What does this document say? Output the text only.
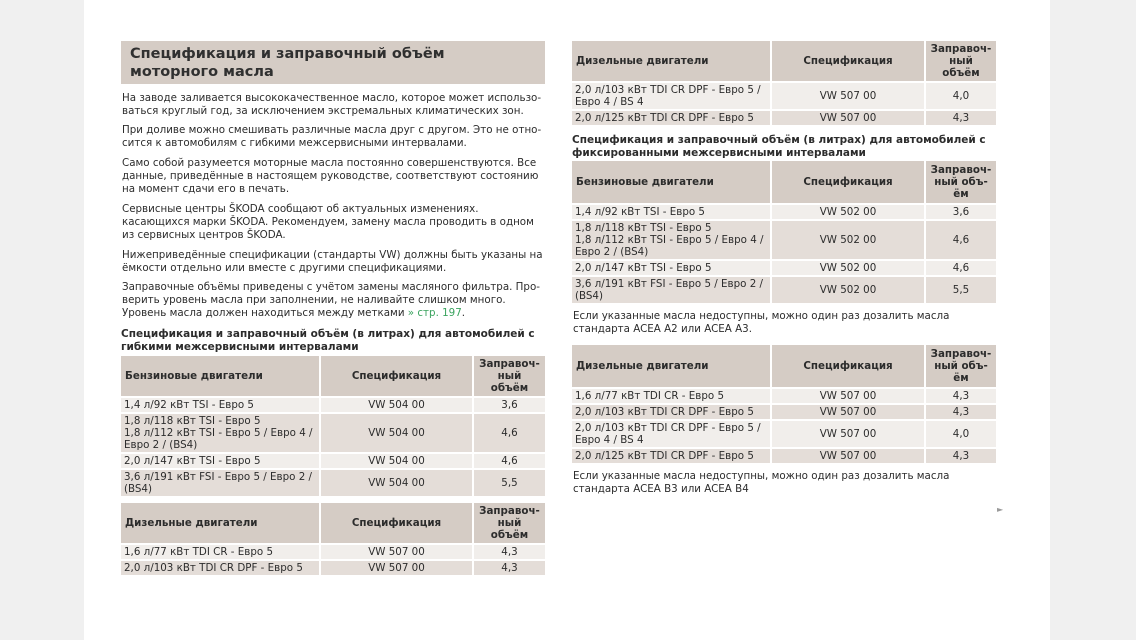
Спецификация и заправочный объём моторного масла

На заводе заливается высококачественное масло, которое может использо-ваться круглый год, за исключением экстремальных климатических зон.

При доливе можно смешивать различные масла друг с другом. Это не отно-сится к автомобилям с гибкими межсервисными интервалами.

Само собой разумеется моторные масла постоянно совершенствуются. Все данные, приведённые в настоящем руководстве, соответствуют состоянию на момент сдачи его в печать.

Сервисные центры ŠKODA сообщают об актуальных изменениях. касающихся марки ŠKODA. Рекомендуем, замену масла проводить в одном из сервисных центров ŠKODA.

Нижеприведённые спецификации (стандарты VW) должны быть указаны на ёмкости отдельно или вместе с другими спецификациями.

Заправочные объёмы приведены с учётом замены масляного фильтра. Про-верить уровень масла при заполнении, не наливайте слишком много. Уровень масла должен находиться между метками » стр. 197.

Спецификация и заправочный объём (в литрах) для автомобилей с гибкими межсервисными интервалами
Бензиновые двигатели	Спецификация	Заправоч-ный объём
1,4 л/92 кВт TSI - Евро 5	VW 504 00	3,6
1,8 л/118 кВт TSI - Евро 5
1,8 л/112 кВт TSI - Евро 5 / Евро 4 / Евро 2 / (BS4)	VW 504 00	4,6
2,0 л/147 кВт TSI - Евро 5	VW 504 00	4,6
3,6 л/191 кВт FSI - Евро 5 / Евро 2 / (BS4)	VW 504 00	5,5
Дизельные двигатели	Спецификация	Заправоч-ный объём
1,6 л/77 кВт TDI CR - Евро 5	VW 507 00	4,3
2,0 л/103 кВт TDI CR DPF - Евро 5	VW 507 00	4,3
Дизельные двигатели	Спецификация	Заправоч-ный объём
2,0 л/103 кВт TDI CR DPF - Евро 5 / Евро 4 / BS 4	VW 507 00	4,0
2,0 л/125 кВт TDI CR DPF - Евро 5	VW 507 00	4,3
Спецификация и заправочный объём (в литрах) для автомобилей с фиксированными межсервисными интервалами
Бензиновые двигатели	Спецификация	Заправоч-ный объ-ём
1,4 л/92 кВт TSI - Евро 5	VW 502 00	3,6
1,8 л/118 кВт TSI - Евро 5
1,8 л/112 кВт TSI - Евро 5 / Евро 4 / Евро 2 / (BS4)	VW 502 00	4,6
2,0 л/147 кВт TSI - Евро 5	VW 502 00	4,6
3,6 л/191 кВт FSI - Евро 5 / Евро 2 / (BS4)	VW 502 00	5,5

Если указанные масла недоступны, можно один раз дозалить масла стандарта ACEA A2 или ACEA A3.

Дизельные двигатели	Спецификация	Заправоч-ный объ-ём
1,6 л/77 кВт TDI CR - Евро 5	VW 507 00	4,3
2,0 л/103 кВт TDI CR DPF - Евро 5	VW 507 00	4,3
2,0 л/103 кВт TDI CR DPF - Евро 5 / Евро 4 / BS 4	VW 507 00	4,0
2,0 л/125 кВт TDI CR DPF - Евро 5	VW 507 00	4,3

Если указанные масла недоступны, можно один раз дозалить масла стандарта ACEA B3 или ACEA B4

►
